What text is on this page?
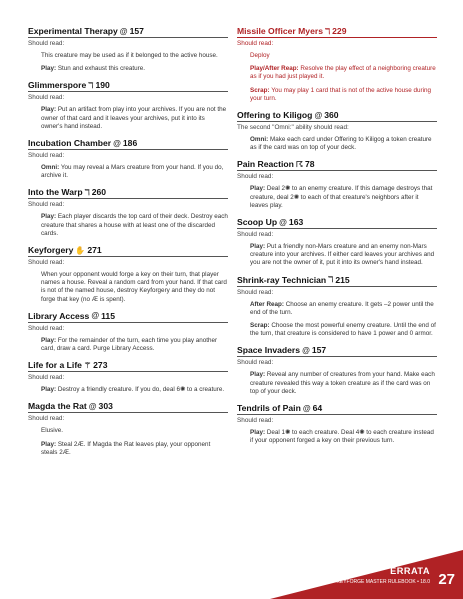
Experimental Therapy @ 157
Should read:

This creature may be used as if it belonged to the active house.

Play: Stun and exhaust this creature.

Glimmerspore ℸ 190
Should read:

Play: Put an artifact from play into your archives. If you are not the owner of that card and it leaves your archives, put it into its owner's hand instead.

Incubation Chamber @ 186
Should read:

Omni: You may reveal a Mars creature from your hand. If you do, archive it.

Into the Warp ℸ 260
Should read:

Play: Each player discards the top card of their deck. Destroy each creature that shares a house with at least one of the discarded cards.

Keyforgery ✋ 271
Should read:

When your opponent would forge a key on their turn, that player names a house. Reveal a random card from your hand. If that card is not of the named house, destroy Keyforgery and they do not forge that key (no Æ is spent).

Library Access @ 115
Should read:

Play: For the remainder of the turn, each time you play another card, draw a card. Purge Library Access.

Life for a Life ⚚ 273
Should read:

Play: Destroy a friendly creature. If you do, deal 6✺ to a creature.

Magda the Rat @ 303
Should read:

Elusive.

Play: Steal 2Æ. If Magda the Rat leaves play, your opponent steals 2Æ.

Missile Officer Myers ℸ 229
Should read:

Deploy

Play/After Reap: Resolve the play effect of a neighboring creature as if you had just played it.

Scrap: You may play 1 card that is not of the active house during your turn.

Offering to Kiligog @ 360
The second "Omni:" ability should read:

Omni: Make each card under Offering to Kiligog a token creature as if the card was on top of your deck.

Pain Reaction ☈ 78
Should read:

Play: Deal 2✺ to an enemy creature. If this damage destroys that creature, deal 2✺ to each of that creature's neighbors after it leaves play.

Scoop Up @ 163
Should read:

Play: Put a friendly non-Mars creature and an enemy non-Mars creature into your archives. If either card leaves your archives and you are not the owner of it, put it into its owner's hand instead.

Shrink-ray Technician ℸ 215
Should read:

After Reap: Choose an enemy creature. It gets –2 power until the end of the turn.

Scrap: Choose the most powerful enemy creature. Until the end of the turn, that creature is considered to have 1 power and 0 armor.

Space Invaders @ 157
Should read:

Play: Reveal any number of creatures from your hand. Make each creature revealed this way a token creature as if the card was on top of your deck.

Tendrils of Pain @ 64
Should read:

Play: Deal 1✺ to each creature. Deal 4✺ to each creature instead if your opponent forged a key on their previous turn.

ERRATA
KEYFORGE MASTER RULEBOOK • 18.0 27
